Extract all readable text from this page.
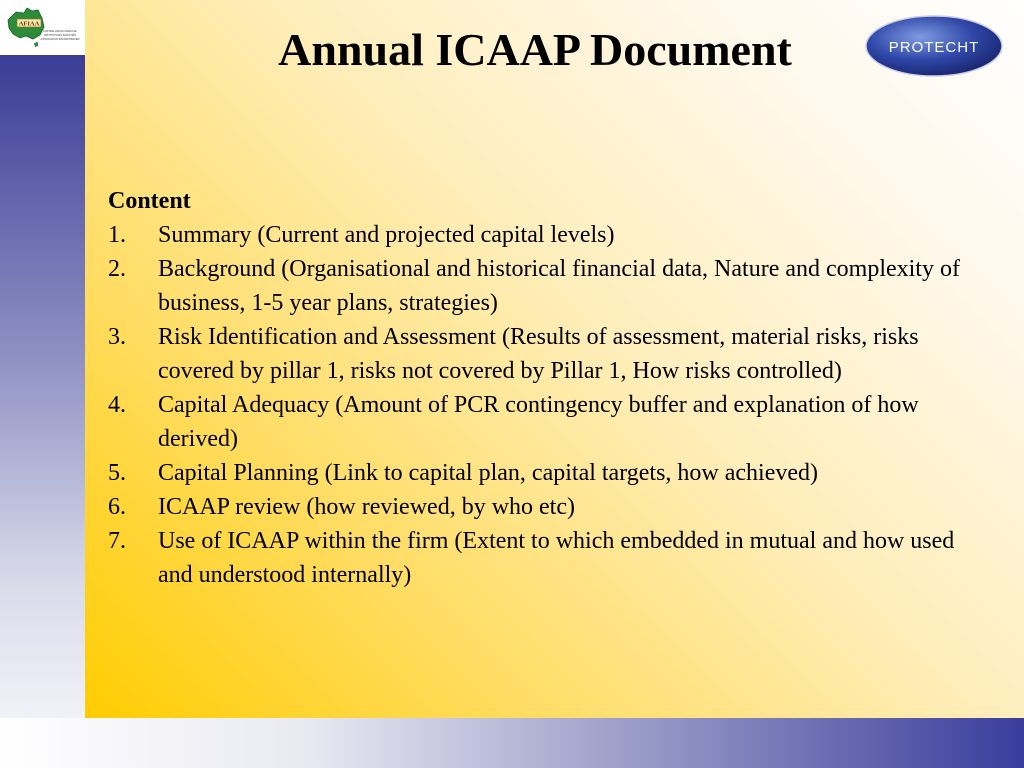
AFIAA
AUSTRALASIAN FINANCIAL
INSTITUTIONS AUDITORS
ASSOCIATION INCORPORATED	Annual ICAAP Document	PROTECHT

Content

1. Summary (Current and projected capital levels)
2. Background (Organisational and historical financial data, Nature and complexity of business, 1-5 year plans, strategies)
3. Risk Identification and Assessment (Results of assessment, material risks, risks covered by pillar 1, risks not covered by Pillar 1, How risks controlled)
4. Capital Adequacy (Amount of PCR contingency buffer and explanation of how derived)
5. Capital Planning (Link to capital plan, capital targets, how achieved)
6. ICAAP review (how reviewed, by who etc)
7. Use of ICAAP within the firm (Extent to which embedded in mutual and how used and understood internally)
